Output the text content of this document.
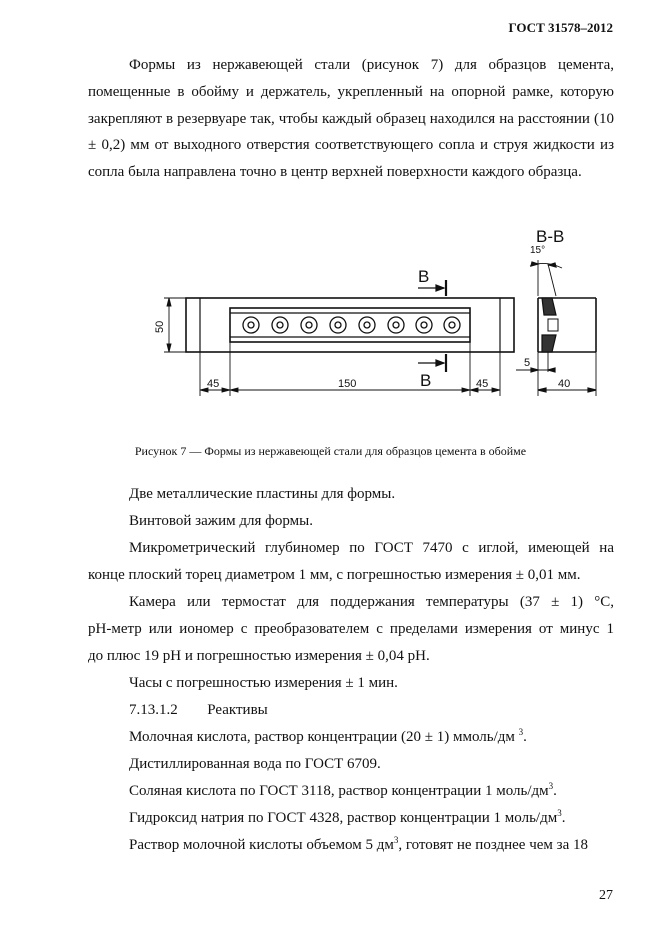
ГОСТ 31578–2012

Формы из нержавеющей стали (рисунок 7) для образцов цемента, помещенные в обойму и держатель, укрепленный на опорной рамке, которую закрепляют в резервуаре так, чтобы каждый образец находился на расстоянии (10 ± 0,2) мм от выходного отверстия соответствующего сопла и струя жидкости из сопла была направлена точно в центр верхней поверхности каждого образца.

В
В
50
45	150	45
В-В
15°
5
40
Рисунок 7 — Формы из нержавеющей стали для образцов цемента в обойме

Две металлические пластины для формы.

Винтовой зажим для формы.

Микрометрический глубиномер по ГОСТ 7470 с иглой, имеющей на

конце плоский торец диаметром 1 мм, с погрешностью измерения ± 0,01 мм.

Камера или термостат для поддержания температуры (37 ± 1) °С,

рН-метр или иономер с преобразователем с пределами измерения от минус 1

до плюс 19 рН и погрешностью измерения ± 0,04 рН.

Часы с погрешностью измерения ± 1 мин.

7.13.1.2 Реактивы

Молочная кислота, раствор концентрации (20 ± 1) ммоль/дм $^3$.

Дистиллированная вода по ГОСТ 6709.

Соляная кислота по ГОСТ 3118, раствор концентрации 1 моль/$дм^3$.

Гидроксид натрия по ГОСТ 4328, раствор концентрации 1 моль/$дм^3$.

Раствор молочной кислоты объемом 5 $дм^3$, готовят не позднее чем за 18

27
